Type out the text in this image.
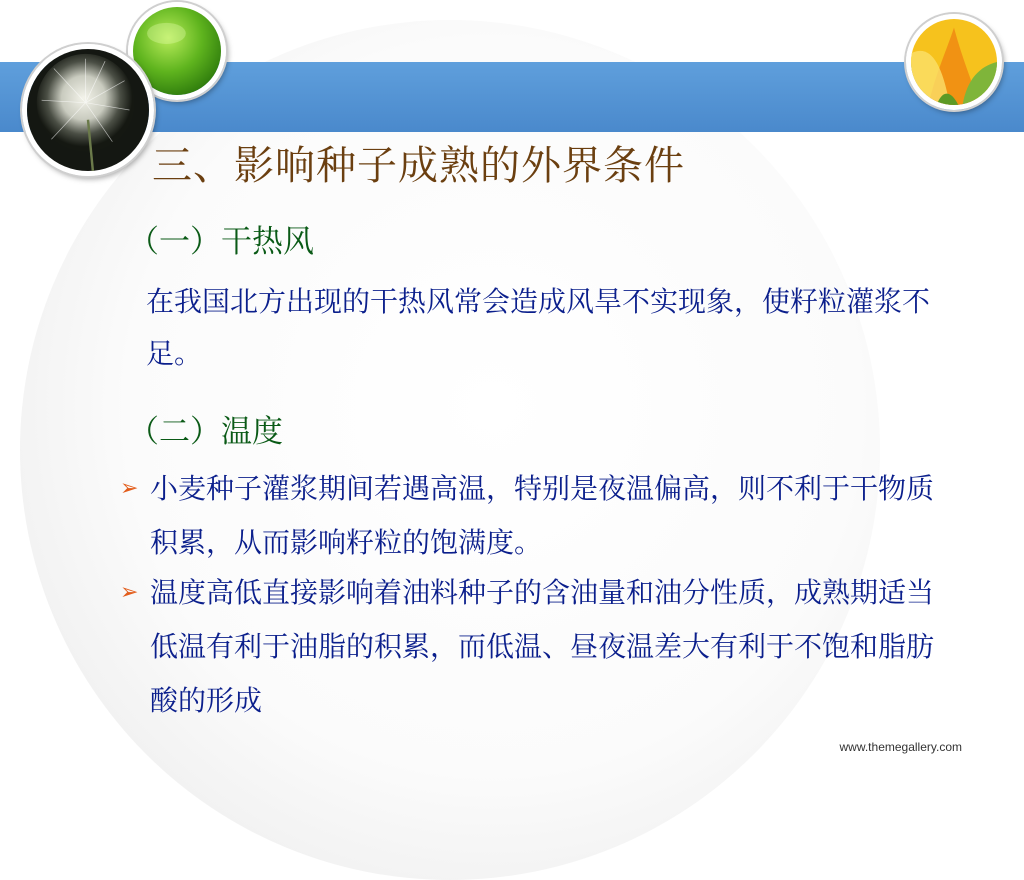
三、影响种子成熟的外界条件
（一）干热风

在我国北方出现的干热风常会造成风旱不实现象，使籽粒灌浆不足。

（二）温度
➢ 小麦种子灌浆期间若遇高温，特别是夜温偏高，则不利于干物质积累，从而影响籽粒的饱满度。
➢ 温度高低直接影响着油料种子的含油量和油分性质，成熟期适当低温有利于油脂的积累，而低温、昼夜温差大有利于不饱和脂肪酸的形成
www.themegallery.com
